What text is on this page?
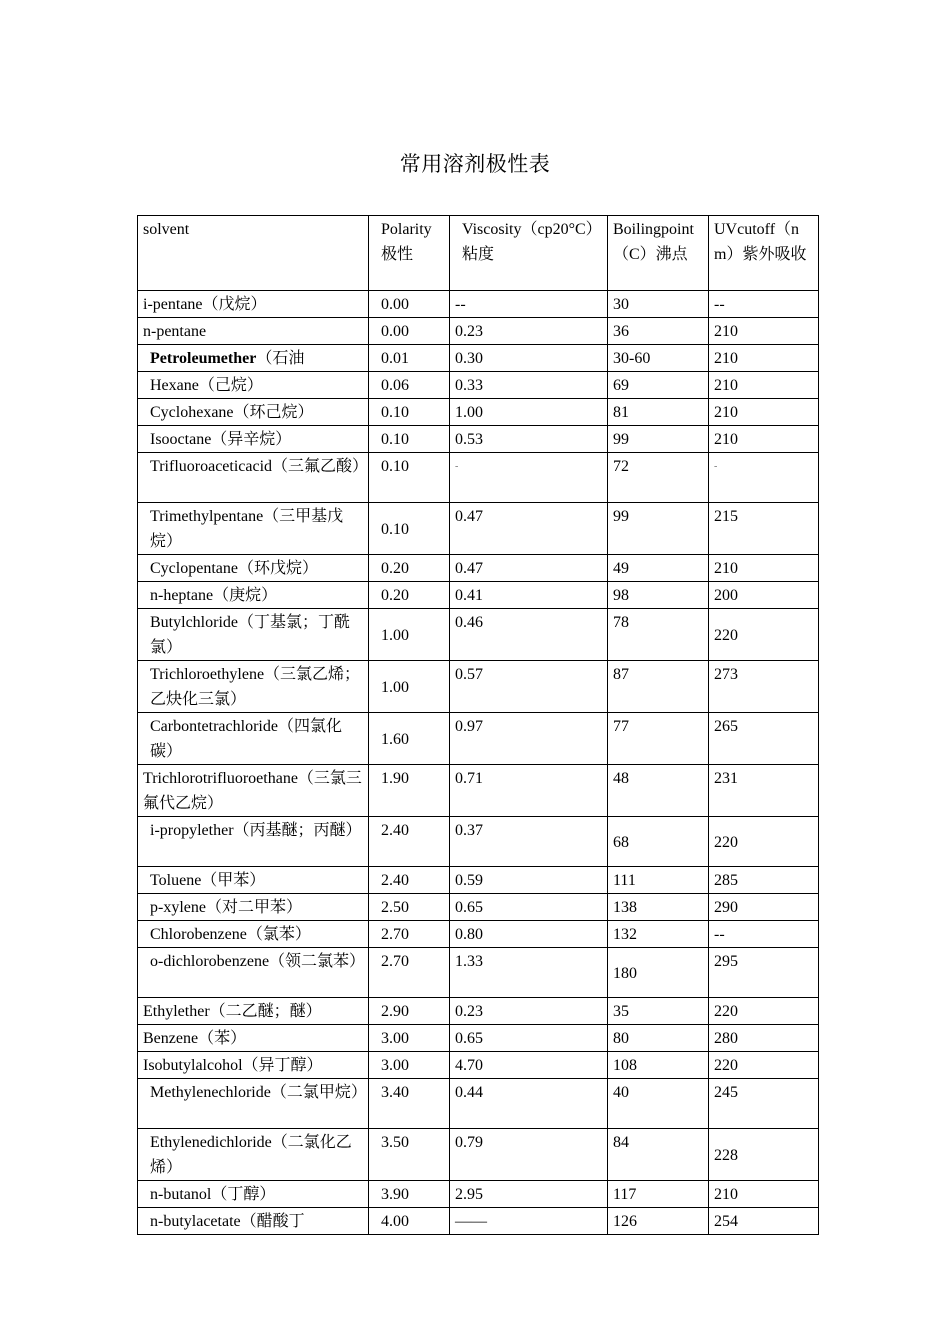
常用溶剂极性表
solvent	Polarity极性	Viscosity（cp20°C）粘度	Boilingpoint（C）沸点	UVcutoff（nm）紫外吸收
i-pentane（戊烷）	0.00	--	30	--
n-pentane	0.00	0.23	36	210
Petroleumether（石油	0.01	0.30	30-60	210
Hexane（己烷）	0.06	0.33	69	210
Cyclohexane（环己烷）	0.10	1.00	81	210
Isooctane（异辛烷）	0.10	0.53	99	210
Trifluoroaceticacid（三氟乙酸）	0.10	-	72	-
Trimethylpentane（三甲基戊烷）	0.10	0.47	99	215
Cyclopentane（环戊烷）	0.20	0.47	49	210
n-heptane（庚烷）	0.20	0.41	98	200
Butylchloride（丁基氯；丁酰氯）	1.00	0.46	78	220
Trichloroethylene（三氯乙烯；乙炔化三氯）	1.00	0.57	87	273
Carbontetrachloride（四氯化碳）	1.60	0.97	77	265
Trichlorotrifluoroethane（三氯三氟代乙烷）	1.90	0.71	48	231
i-propylether（丙基醚；丙醚）	2.40	0.37	68	220
Toluene（甲苯）	2.40	0.59	111	285
p-xylene（对二甲苯）	2.50	0.65	138	290
Chlorobenzene（氯苯）	2.70	0.80	132	--
o-dichlorobenzene（领二氯苯）	2.70	1.33	180	295
Ethylether（二乙醚；醚）	2.90	0.23	35	220
Benzene（苯）	3.00	0.65	80	280
Isobutylalcohol（异丁醇）	3.00	4.70	108	220
Methylenechloride（二氯甲烷）	3.40	0.44	40	245
Ethylenedichloride（二氯化乙烯）	3.50	0.79	84	228
n-butanol（丁醇）	3.90	2.95	117	210
n-butylacetate（醋酸丁	4.00	——	126	254
